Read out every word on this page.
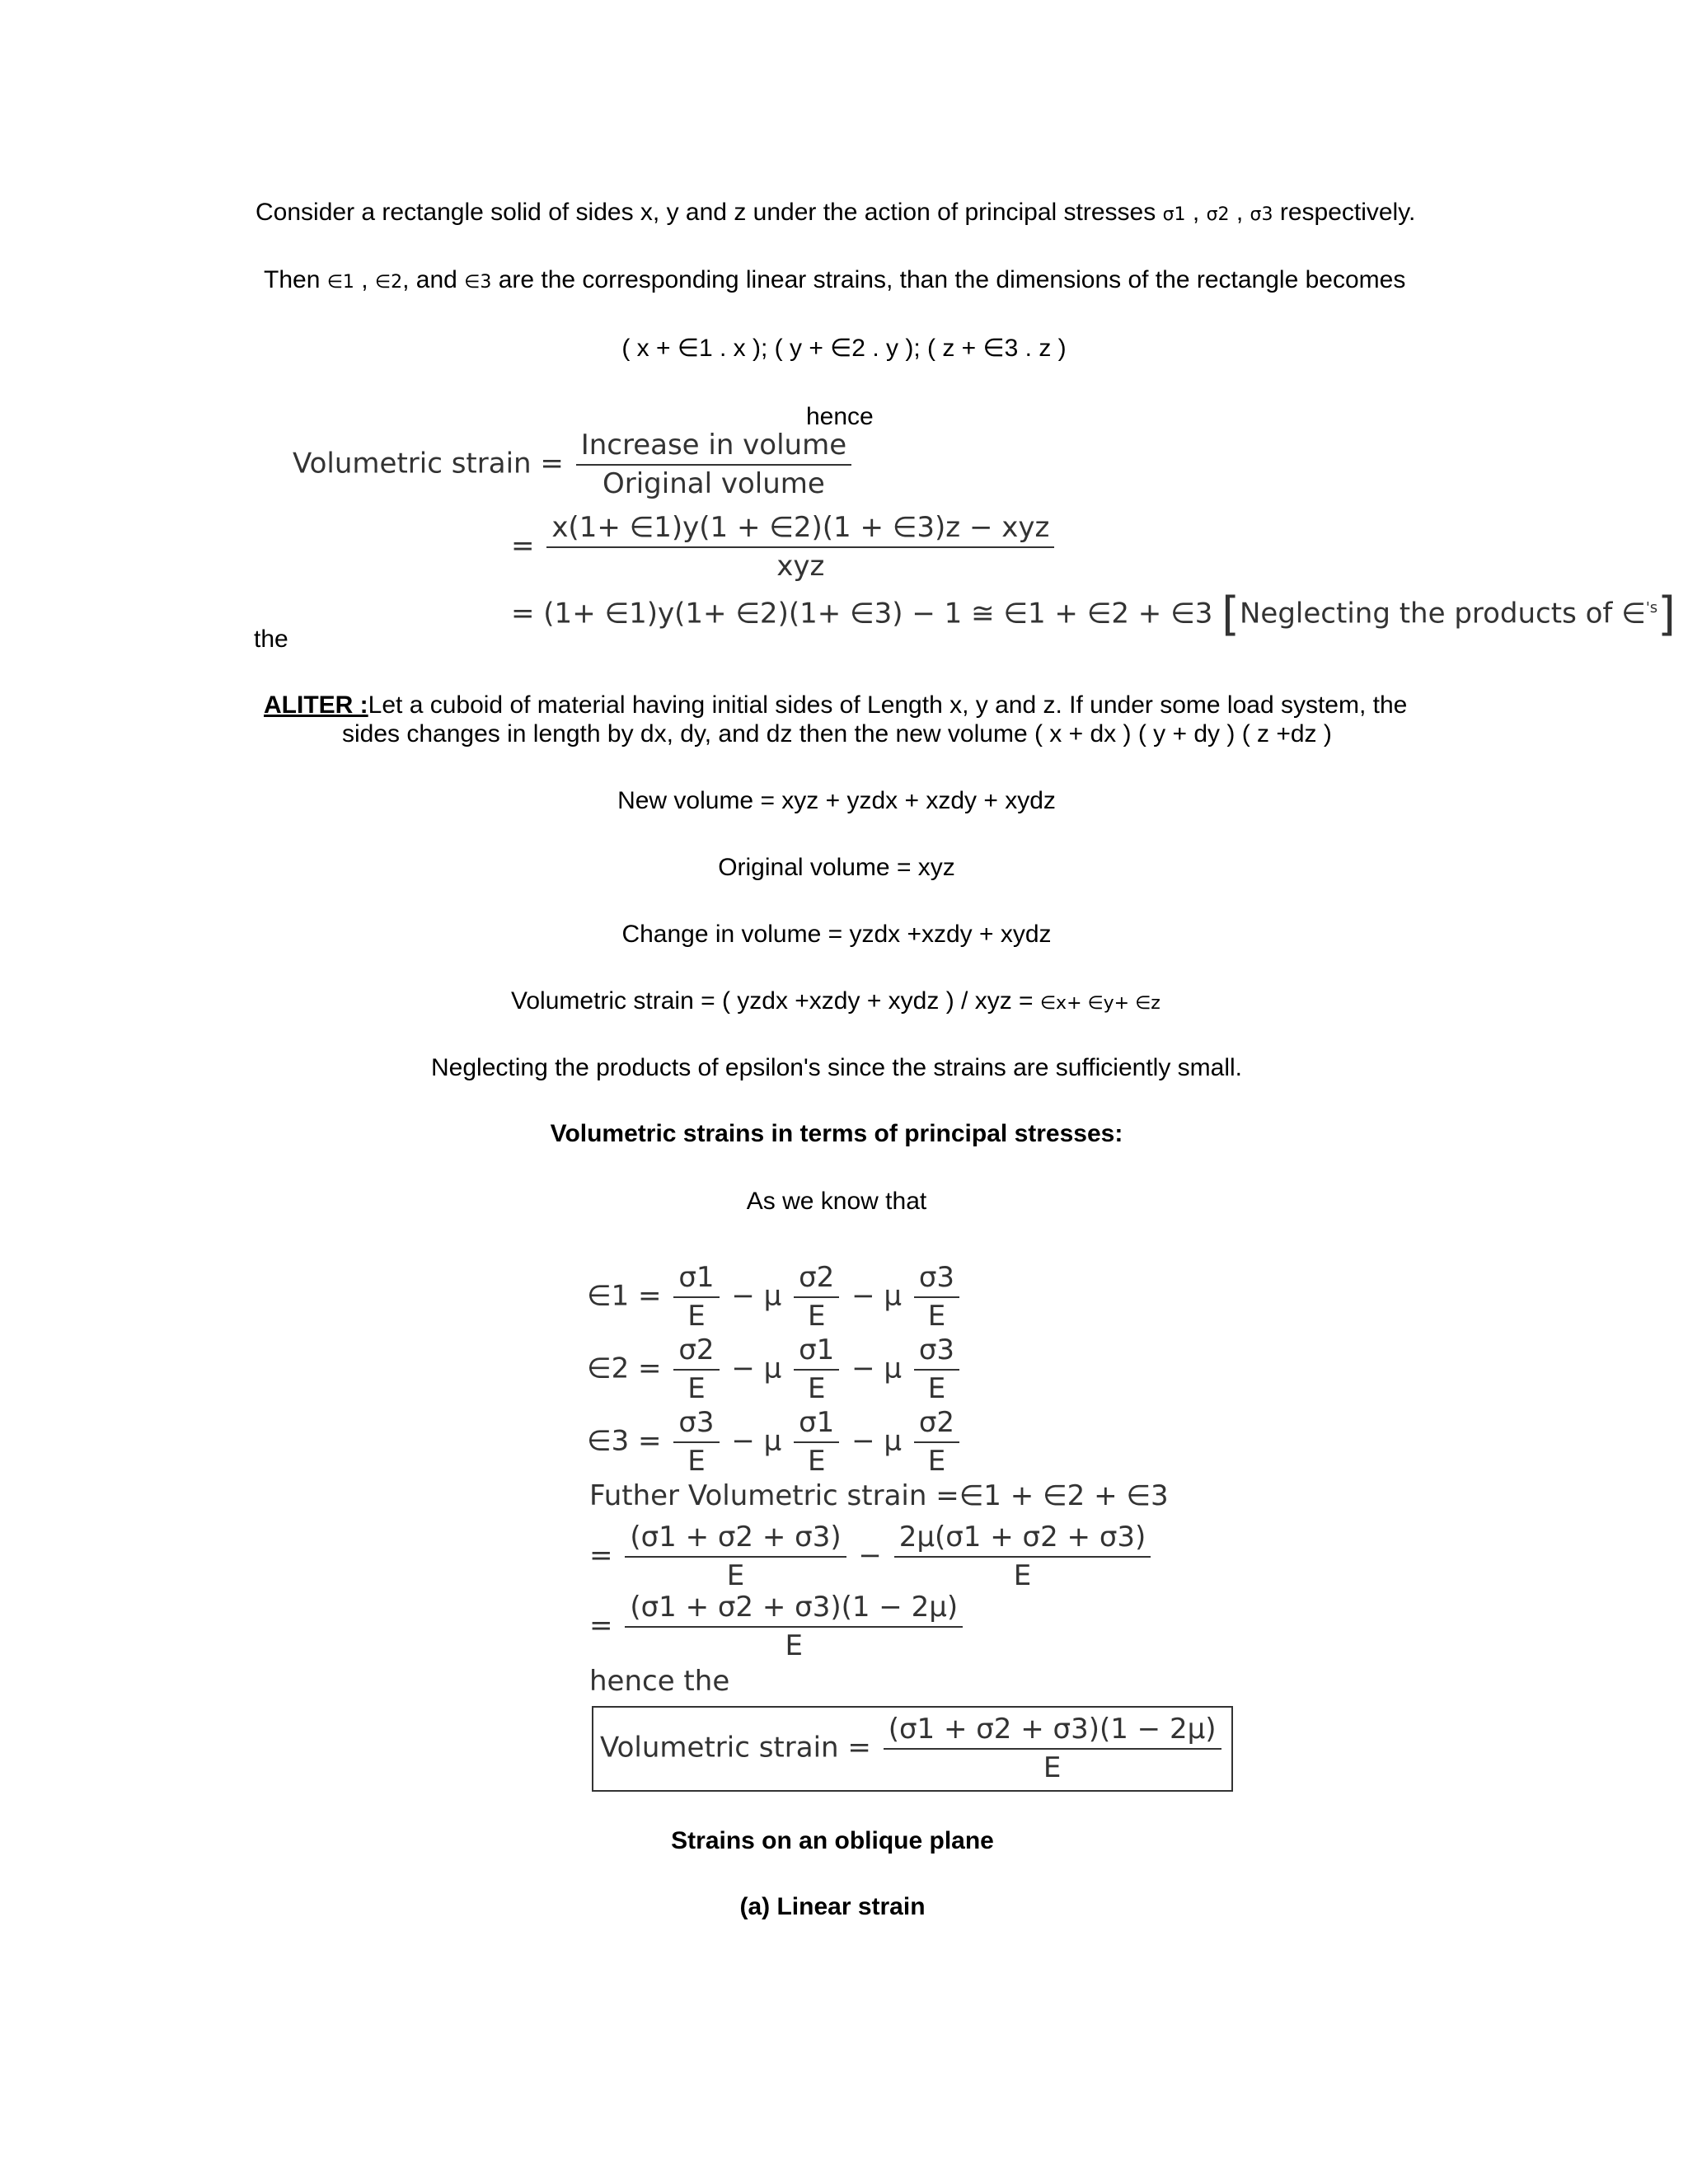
Consider a rectangle solid of sides x, y and z under the action of principal stresses σ1 , σ2 , σ3 respectively.
Then ∈1 , ∈2, and ∈3 are the corresponding linear strains, than the dimensions of the rectangle becomes
( x + ∈1 . x ); ( y + ∈2 . y ); ( z + ∈3 . z )
hence
Volumetric strain = $\frac{\text{Increase in volume}}{\text{Original volume}}$
= $\frac{\text{x(1+ ∈1)y(1 + ∈2)(1 + ∈3)z − xyz}}{\text{xyz}}$
= (1+ ∈1)y(1+ ∈2)(1+ ∈3) − 1 ≅ ∈1 + ∈2 + ∈3 [Neglecting the products of ∈$^{'s}$]
the
ALITER :Let a cuboid of material having initial sides of Length x, y and z. If under some load system, the
sides changes in length by dx, dy, and dz then the new volume ( x + dx ) ( y + dy ) ( z +dz )
New volume = xyz + yzdx + xzdy + xydz
Original volume = xyz
Change in volume = yzdx +xzdy + xydz
Volumetric strain = ( yzdx +xzdy + xydz ) / xyz = ∈x+ ∈y+ ∈z
Neglecting the products of epsilon's since the strains are sufficiently small.
Volumetric strains in terms of principal stresses:
As we know that
∈1 = $\frac{\sigma 1}{E} - \mu \frac{\sigma 2}{E} - \mu \frac{\sigma 3}{E}$
∈2 = $\frac{\sigma 2}{E} - \mu \frac{\sigma 1}{E} - \mu \frac{\sigma 3}{E}$
∈3 = $\frac{\sigma 3}{E} - \mu \frac{\sigma 1}{E} - \mu \frac{\sigma 2}{E}$
Futher Volumetric strain =∈1 + ∈2 + ∈3
= $\frac{(\sigma 1 + \sigma 2 + \sigma 3)}{E} - \frac{2\mu(\sigma 1 + \sigma 2 + \sigma 3)}{E}$
= $\frac{(\sigma 1 + \sigma 2 + \sigma 3)(1 - 2\mu)}{E}$
hence the
Volumetric strain = $\frac{(\sigma 1 + \sigma 2 + \sigma 3)(1 - 2\mu)}{E}$
Strains on an oblique plane
(a) Linear strain
